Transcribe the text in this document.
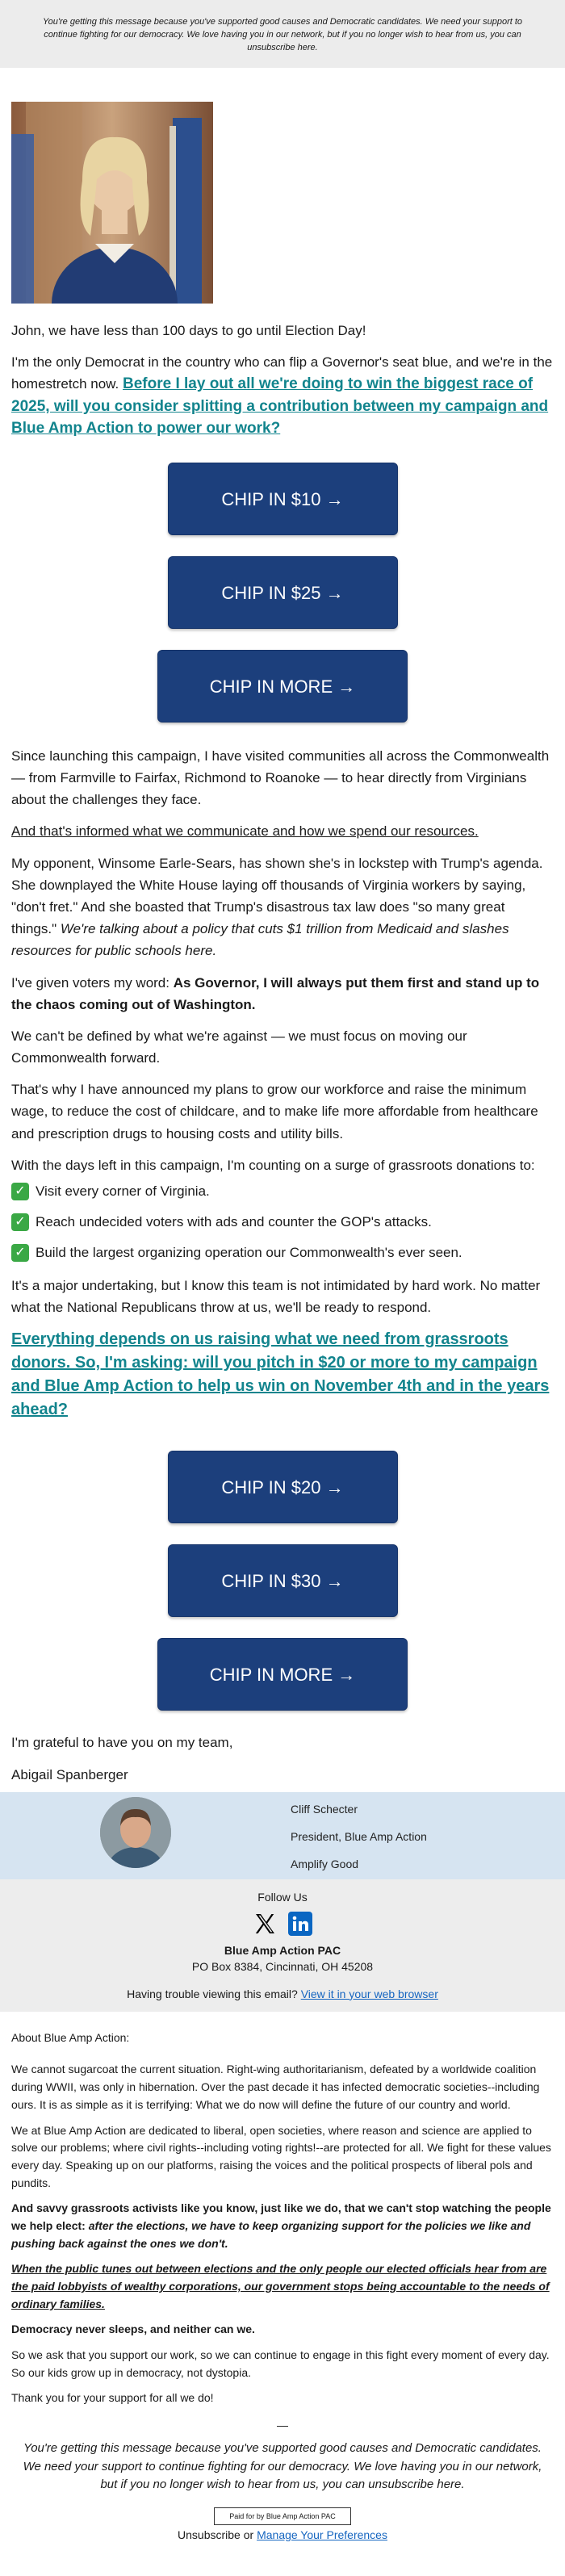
You're getting this message because you've supported good causes and Democratic candidates. We need your support to continue fighting for our democracy. We love having you in our network, but if you no longer wish to hear from us, you can unsubscribe here.

John, we have less than 100 days to go until Election Day!

I'm the only Democrat in the country who can flip a Governor's seat blue, and we're in the homestretch now. Before I lay out all we're doing to win the biggest race of 2025, will you consider splitting a contribution between my campaign and Blue Amp Action to power our work?

CHIP IN $10 →
CHIP IN $25 →
CHIP IN MORE →

Since launching this campaign, I have visited communities all across the Commonwealth — from Farmville to Fairfax, Richmond to Roanoke — to hear directly from Virginians about the challenges they face.

And that's informed what we communicate and how we spend our resources.

My opponent, Winsome Earle-Sears, has shown she's in lockstep with Trump's agenda. She downplayed the White House laying off thousands of Virginia workers by saying, "don't fret." And she boasted that Trump's disastrous tax law does "so many great things." We're talking about a policy that cuts $1 trillion from Medicaid and slashes resources for public schools here.

I've given voters my word: As Governor, I will always put them first and stand up to the chaos coming out of Washington.

We can't be defined by what we're against — we must focus on moving our Commonwealth forward.

That's why I have announced my plans to grow our workforce and raise the minimum wage, to reduce the cost of childcare, and to make life more affordable from healthcare and prescription drugs to housing costs and utility bills.

With the days left in this campaign, I'm counting on a surge of grassroots donations to:

✓ Visit every corner of Virginia.
✓ Reach undecided voters with ads and counter the GOP's attacks.
✓ Build the largest organizing operation our Commonwealth's ever seen.

It's a major undertaking, but I know this team is not intimidated by hard work. No matter what the National Republicans throw at us, we'll be ready to respond.

Everything depends on us raising what we need from grassroots donors. So, I'm asking: will you pitch in $20 or more to my campaign and Blue Amp Action to help us win on November 4th and in the years ahead?

CHIP IN $20 →
CHIP IN $30 →
CHIP IN MORE →

I'm grateful to have you on my team,

Abigail Spanberger

Cliff Schecter
President, Blue Amp Action
Amplify Good
Follow Us
Blue Amp Action PAC
PO Box 8384, Cincinnati, OH 45208
Having trouble viewing this email? View it in your web browser

About Blue Amp Action:

We cannot sugarcoat the current situation. Right-wing authoritarianism, defeated by a worldwide coalition during WWII, was only in hibernation. Over the past decade it has infected democratic societies--including ours. It is as simple as it is terrifying: What we do now will define the future of our country and world.

We at Blue Amp Action are dedicated to liberal, open societies, where reason and science are applied to solve our problems; where civil rights--including voting rights!--are protected for all. We fight for these values every day. Speaking up on our platforms, raising the voices and the political prospects of liberal pols and pundits.

And savvy grassroots activists like you know, just like we do, that we can't stop watching the people we help elect: after the elections, we have to keep organizing support for the policies we like and pushing back against the ones we don't.

When the public tunes out between elections and the only people our elected officials hear from are the paid lobbyists of wealthy corporations, our government stops being accountable to the needs of ordinary families.

Democracy never sleeps, and neither can we.

So we ask that you support our work, so we can continue to engage in this fight every moment of every day. So our kids grow up in democracy, not dystopia.

Thank you for your support for all we do!

—
You're getting this message because you've supported good causes and Democratic candidates. We need your support to continue fighting for our democracy. We love having you in our network, but if you no longer wish to hear from us, you can unsubscribe here.
Paid for by Blue Amp Action PAC
Unsubscribe or Manage Your Preferences
